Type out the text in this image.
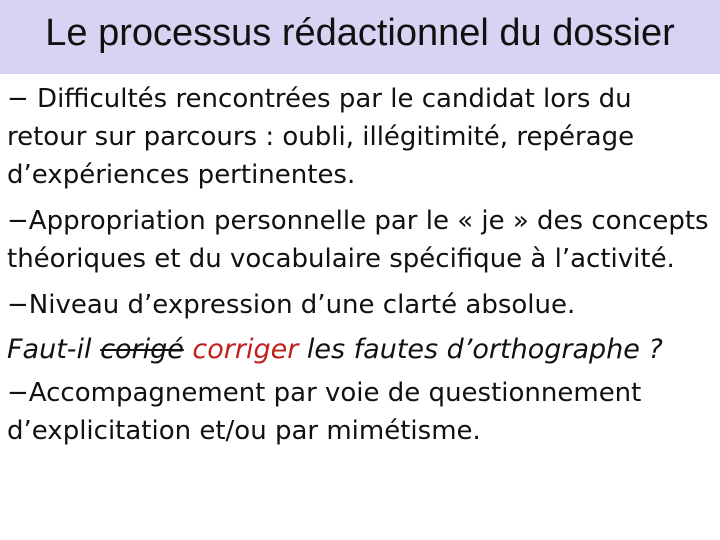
Le processus rédactionnel du dossier

− Difficultés rencontrées par le candidat lors du retour sur parcours : oubli, illégitimité, repérage d’expériences pertinentes.

−Appropriation personnelle par le « je » des concepts théoriques et du vocabulaire spécifique à l’activité.

−Niveau d’expression d’une clarté absolue.

Faut-il corigé corriger les fautes d’orthographe ?

−Accompagnement par voie de questionnement d’explicitation et/ou par mimétisme.
